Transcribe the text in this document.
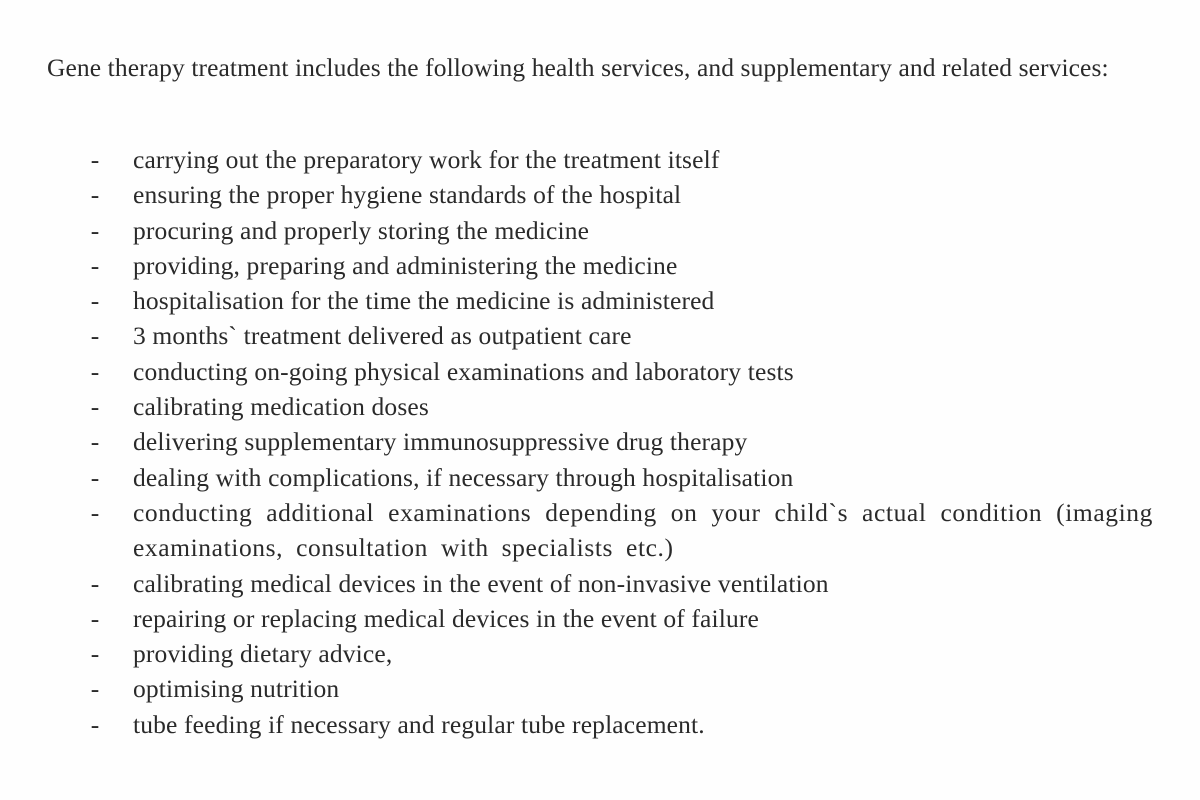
Gene therapy treatment includes the following health services, and supplementary and related services:

- carrying out the preparatory work for the treatment itself
- ensuring the proper hygiene standards of the hospital
- procuring and properly storing the medicine
- providing, preparing and administering the medicine
- hospitalisation for the time the medicine is administered
- 3 months` treatment delivered as outpatient care
- conducting on-going physical examinations and laboratory tests
- calibrating medication doses
- delivering supplementary immunosuppressive drug therapy
- dealing with complications, if necessary through hospitalisation
- conducting additional examinations depending on your child`s actual condition (imaging examinations, consultation with specialists etc.)
- calibrating medical devices in the event of non-invasive ventilation
- repairing or replacing medical devices in the event of failure
- providing dietary advice,
- optimising nutrition
- tube feeding if necessary and regular tube replacement.
